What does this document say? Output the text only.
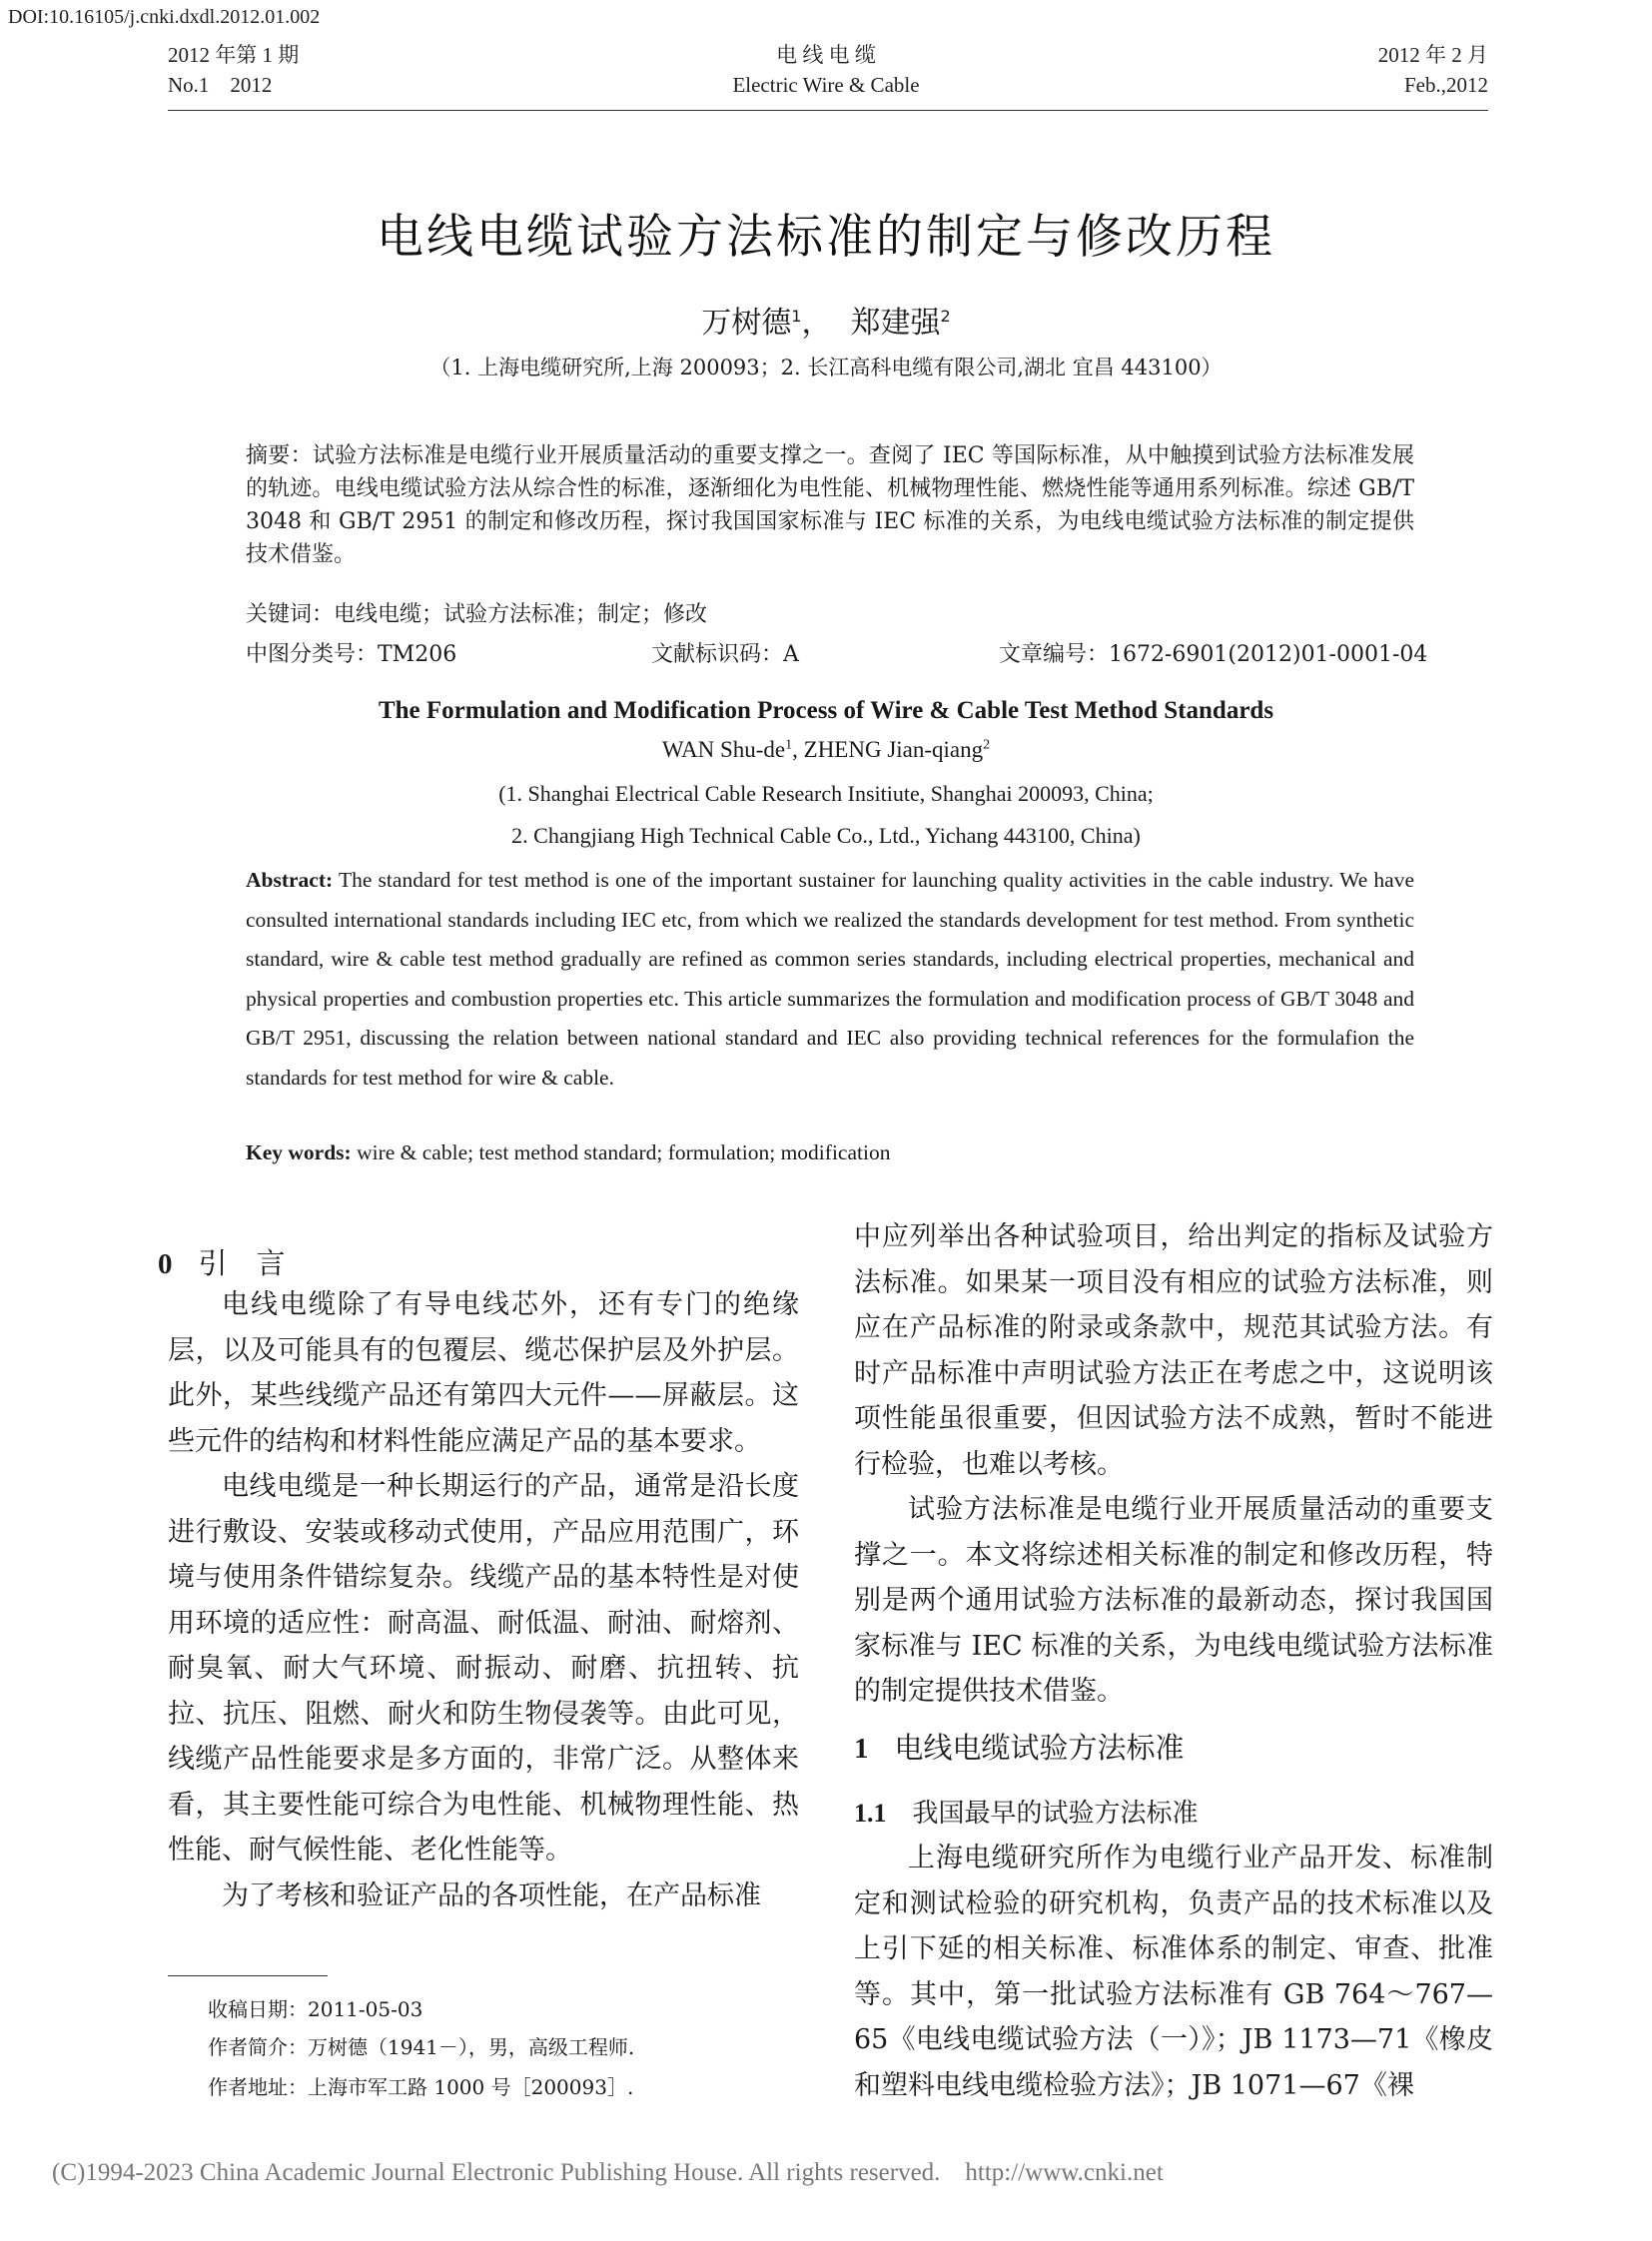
DOI:10.16105/j.cnki.dxdl.2012.01.002
2012 年第 1 期
No.1    2012
电 线 电 缆
Electric Wire & Cable
2012 年 2 月
Feb.,2012
电线电缆试验方法标准的制定与修改历程
万树德$^1$， 郑建强$^2$
（1. 上海电缆研究所,上海 200093；2. 长江高科电缆有限公司,湖北 宜昌 443100）
摘要：试验方法标准是电缆行业开展质量活动的重要支撑之一。查阅了 IEC 等国际标准，从中触摸到试验方法标准发展的轨迹。电线电缆试验方法从综合性的标准，逐渐细化为电性能、机械物理性能、燃烧性能等通用系列标准。综述 GB/T 3048 和 GB/T 2951 的制定和修改历程，探讨我国国家标准与 IEC 标准的关系，为电线电缆试验方法标准的制定提供技术借鉴。
关键词：电线电缆；试验方法标准；制定；修改
中图分类号：TM206	文献标识码：A	文章编号：1672-6901(2012)01-0001-04
The Formulation and Modification Process of Wire & Cable Test Method Standards
WAN Shu-$de^1$, ZHENG Jian-qiang$^2$
(1. Shanghai Electrical Cable Research Insitiute, Shanghai 200093, China;
2. Changjiang High Technical Cable Co., Ltd., Yichang 443100, China)
Abstract: The standard for test method is one of the important sustainer for launching quality activities in the cable industry. We have consulted international standards including IEC etc, from which we realized the standards development for test method. From synthetic standard, wire & cable test method gradually are refined as common series standards, including electrical properties, mechanical and physical properties and combustion properties etc. This article summarizes the formulation and modification process of GB/T 3048 and GB/T 2951, discussing the relation between national standard and IEC also providing technical references for the formulafion the standards for test method for wire & cable.
Key words: wire & cable; test method standard; formulation; modification
0 引　言

电线电缆除了有导电线芯外，还有专门的绝缘层，以及可能具有的包覆层、缆芯保护层及外护层。此外，某些线缆产品还有第四大元件——屏蔽层。这些元件的结构和材料性能应满足产品的基本要求。

电线电缆是一种长期运行的产品，通常是沿长度进行敷设、安装或移动式使用，产品应用范围广，环境与使用条件错综复杂。线缆产品的基本特性是对使用环境的适应性：耐高温、耐低温、耐油、耐熔剂、耐臭氧、耐大气环境、耐振动、耐磨、抗扭转、抗拉、抗压、阻燃、耐火和防生物侵袭等。由此可见，线缆产品性能要求是多方面的，非常广泛。从整体来看，其主要性能可综合为电性能、机械物理性能、热性能、耐气候性能、老化性能等。

为了考核和验证产品的各项性能，在产品标准

中应列举出各种试验项目，给出判定的指标及试验方法标准。如果某一项目没有相应的试验方法标准，则应在产品标准的附录或条款中，规范其试验方法。有时产品标准中声明试验方法正在考虑之中，这说明该项性能虽很重要，但因试验方法不成熟，暂时不能进行检验，也难以考核。

试验方法标准是电缆行业开展质量活动的重要支撑之一。本文将综述相关标准的制定和修改历程，特别是两个通用试验方法标准的最新动态，探讨我国国家标准与 IEC 标准的关系，为电线电缆试验方法标准的制定提供技术借鉴。

1 电线电缆试验方法标准
1.1 我国最早的试验方法标准

上海电缆研究所作为电缆行业产品开发、标准制定和测试检验的研究机构，负责产品的技术标准以及上引下延的相关标准、标准体系的制定、审查、批准等。其中，第一批试验方法标准有 GB 764～767—65《电线电缆试验方法（一）》；JB 1173—71《橡皮和塑料电线电缆检验方法》；JB 1071—67《裸

收稿日期：2011-05-03
作者简介：万树德（1941－），男，高级工程师.
作者地址：上海市军工路 1000 号［200093］.
(C)1994-2023 China Academic Journal Electronic Publishing House. All rights reserved.    http://www.cnki.net
